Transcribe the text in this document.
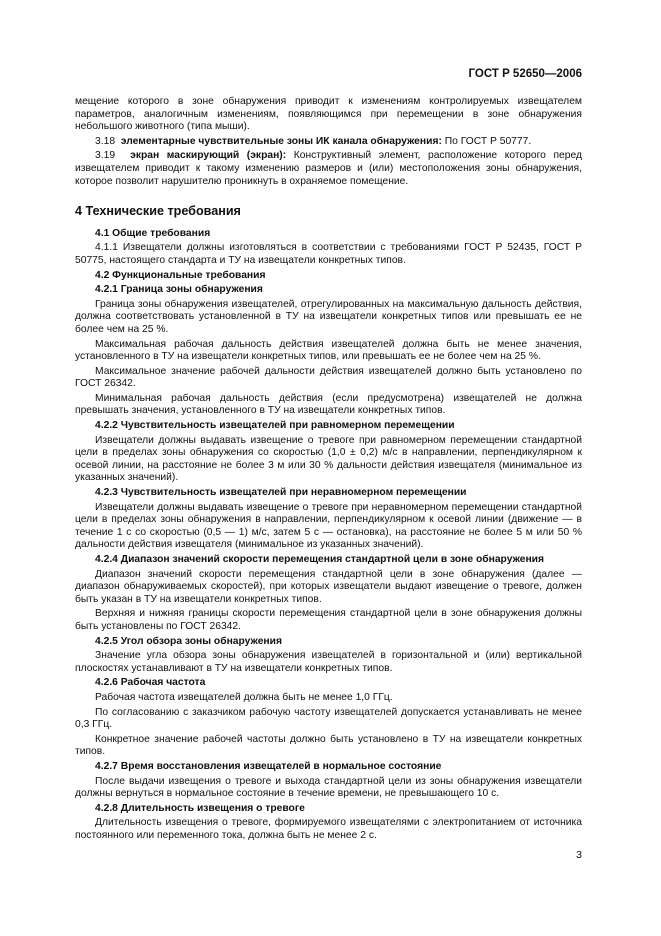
ГОСТ Р 52650—2006

мещение которого в зоне обнаружения приводит к изменениям контролируемых извещателем параметров, аналогичным изменениям, появляющимся при перемещении в зоне обнаружения небольшого животного (типа мыши).

3.18 элементарные чувствительные зоны ИК канала обнаружения: По ГОСТ Р 50777.

3.19 экран маскирующий (экран): Конструктивный элемент, расположение которого перед извещателем приводит к такому изменению размеров и (или) местоположения зоны обнаружения, которое позволит нарушителю проникнуть в охраняемое помещение.

4 Технические требования
4.1 Общие требования

4.1.1 Извещатели должны изготовляться в соответствии с требованиями ГОСТ Р 52435, ГОСТ Р 50775, настоящего стандарта и ТУ на извещатели конкретных типов.

4.2 Функциональные требования
4.2.1 Граница зоны обнаружения

Граница зоны обнаружения извещателей, отрегулированных на максимальную дальность действия, должна соответствовать установленной в ТУ на извещатели конкретных типов или превышать ее не более чем на 25 %.

Максимальная рабочая дальность действия извещателей должна быть не менее значения, установленного в ТУ на извещатели конкретных типов, или превышать ее не более чем на 25 %.

Максимальное значение рабочей дальности действия извещателей должно быть установлено по ГОСТ 26342.

Минимальная рабочая дальность действия (если предусмотрена) извещателей не должна превышать значения, установленного в ТУ на извещатели конкретных типов.

4.2.2 Чувствительность извещателей при равномерном перемещении

Извещатели должны выдавать извещение о тревоге при равномерном перемещении стандартной цели в пределах зоны обнаружения со скоростью (1,0 ± 0,2) м/с в направлении, перпендикулярном к осевой линии, на расстояние не более 3 м или 30 % дальности действия извещателя (минимальное из указанных значений).

4.2.3 Чувствительность извещателей при неравномерном перемещении

Извещатели должны выдавать извещение о тревоге при неравномерном перемещении стандартной цели в пределах зоны обнаружения в направлении, перпендикулярном к осевой линии (движение — в течение 1 с со скоростью (0,5 — 1) м/с, затем 5 с — остановка), на расстояние не более 5 м или 50 % дальности действия извещателя (минимальное из указанных значений).

4.2.4 Диапазон значений скорости перемещения стандартной цели в зоне обнаружения

Диапазон значений скорости перемещения стандартной цели в зоне обнаружения (далее — диапазон обнаруживаемых скоростей), при которых извещатели выдают извещение о тревоге, должен быть указан в ТУ на извещатели конкретных типов.

Верхняя и нижняя границы скорости перемещения стандартной цели в зоне обнаружения должны быть установлены по ГОСТ 26342.

4.2.5 Угол обзора зоны обнаружения

Значение угла обзора зоны обнаружения извещателей в горизонтальной и (или) вертикальной плоскостях устанавливают в ТУ на извещатели конкретных типов.

4.2.6 Рабочая частота

Рабочая частота извещателей должна быть не менее 1,0 ГГц.

По согласованию с заказчиком рабочую частоту извещателей допускается устанавливать не менее 0,3 ГГц.

Конкретное значение рабочей частоты должно быть установлено в ТУ на извещатели конкретных типов.

4.2.7 Время восстановления извещателей в нормальное состояние

После выдачи извещения о тревоге и выхода стандартной цели из зоны обнаружения извещатели должны вернуться в нормальное состояние в течение времени, не превышающего 10 с.

4.2.8 Длительность извещения о тревоге

Длительность извещения о тревоге, формируемого извещателями с электропитанием от источника постоянного или переменного тока, должна быть не менее 2 с.

3
